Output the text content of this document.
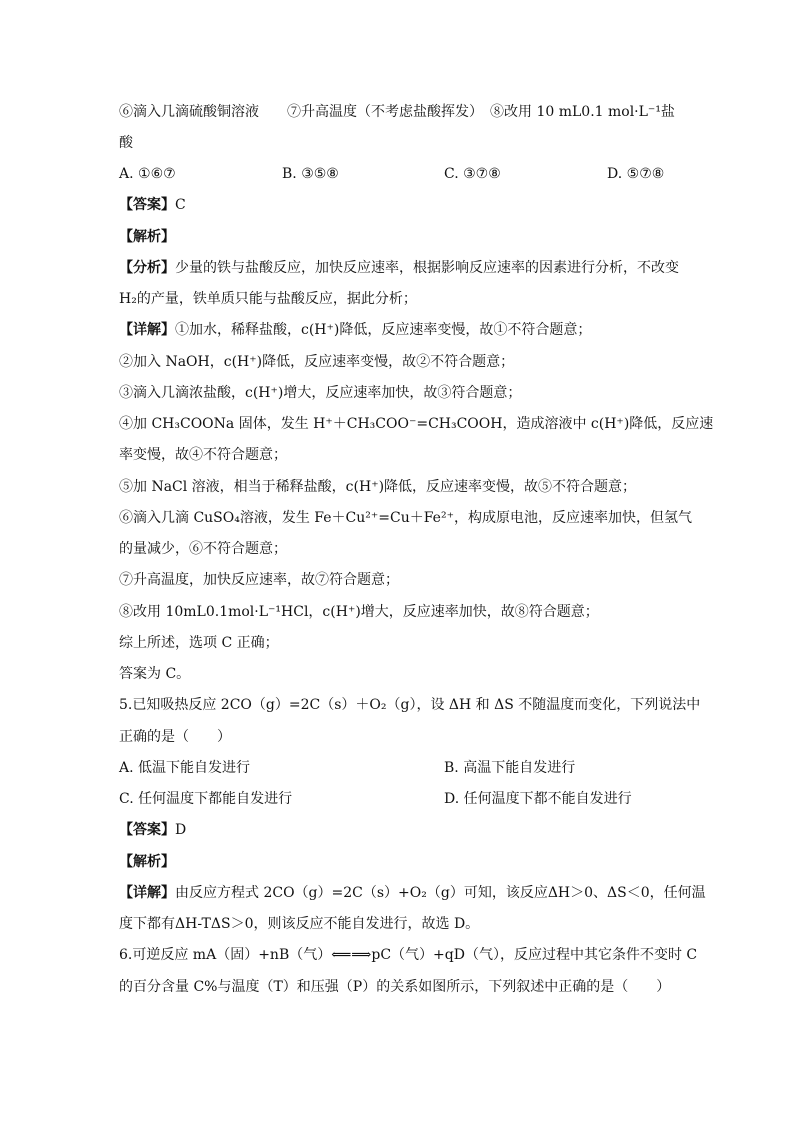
⑥滴入几滴硫酸铜溶液　　⑦升高温度（不考虑盐酸挥发）　⑧改用 10 mL0.1 mol·L⁻¹盐
酸
A. ①⑥⑦	B. ③⑤⑧	C. ③⑦⑧	D. ⑤⑦⑧
【答案】C
【解析】
【分析】少量的铁与盐酸反应，加快反应速率，根据影响反应速率的因素进行分析，不改变
H₂的产量，铁单质只能与盐酸反应，据此分析；
【详解】①加水，稀释盐酸，c(H⁺)降低，反应速率变慢，故①不符合题意；
②加入 NaOH，c(H⁺)降低，反应速率变慢，故②不符合题意；
③滴入几滴浓盐酸，c(H⁺)增大，反应速率加快，故③符合题意；
④加 CH₃COONa 固体，发生 H⁺＋CH₃COO⁻=CH₃COOH，造成溶液中 c(H⁺)降低，反应速
率变慢，故④不符合题意；
⑤加 NaCl 溶液，相当于稀释盐酸，c(H⁺)降低，反应速率变慢，故⑤不符合题意；
⑥滴入几滴 CuSO₄溶液，发生 Fe＋Cu²⁺=Cu＋Fe²⁺，构成原电池，反应速率加快，但氢气
的量减少，⑥不符合题意；
⑦升高温度，加快反应速率，故⑦符合题意；
⑧改用 10mL0.1mol·L⁻¹HCl，c(H⁺)增大，反应速率加快，故⑧符合题意；
综上所述，选项 C 正确；
答案为 C。
5.已知吸热反应 2CO（g）=2C（s）＋O₂（g），设 ΔH 和 ΔS 不随温度而变化，下列说法中
正确的是（　　）
A. 低温下能自发进行	B. 高温下能自发进行
C. 任何温度下都能自发进行	D. 任何温度下都不能自发进行
【答案】D
【解析】
【详解】由反应方程式 2CO（g）=2C（s）+O₂（g）可知，该反应ΔH＞0、ΔS＜0，任何温
度下都有ΔH-TΔS＞0，则该反应不能自发进行，故选 D。
6.可逆反应 mA（固）+nB（气）⟸⟹pC（气）+qD（气），反应过程中其它条件不变时 C
的百分含量 C%与温度（T）和压强（P）的关系如图所示，下列叙述中正确的是（　　）
